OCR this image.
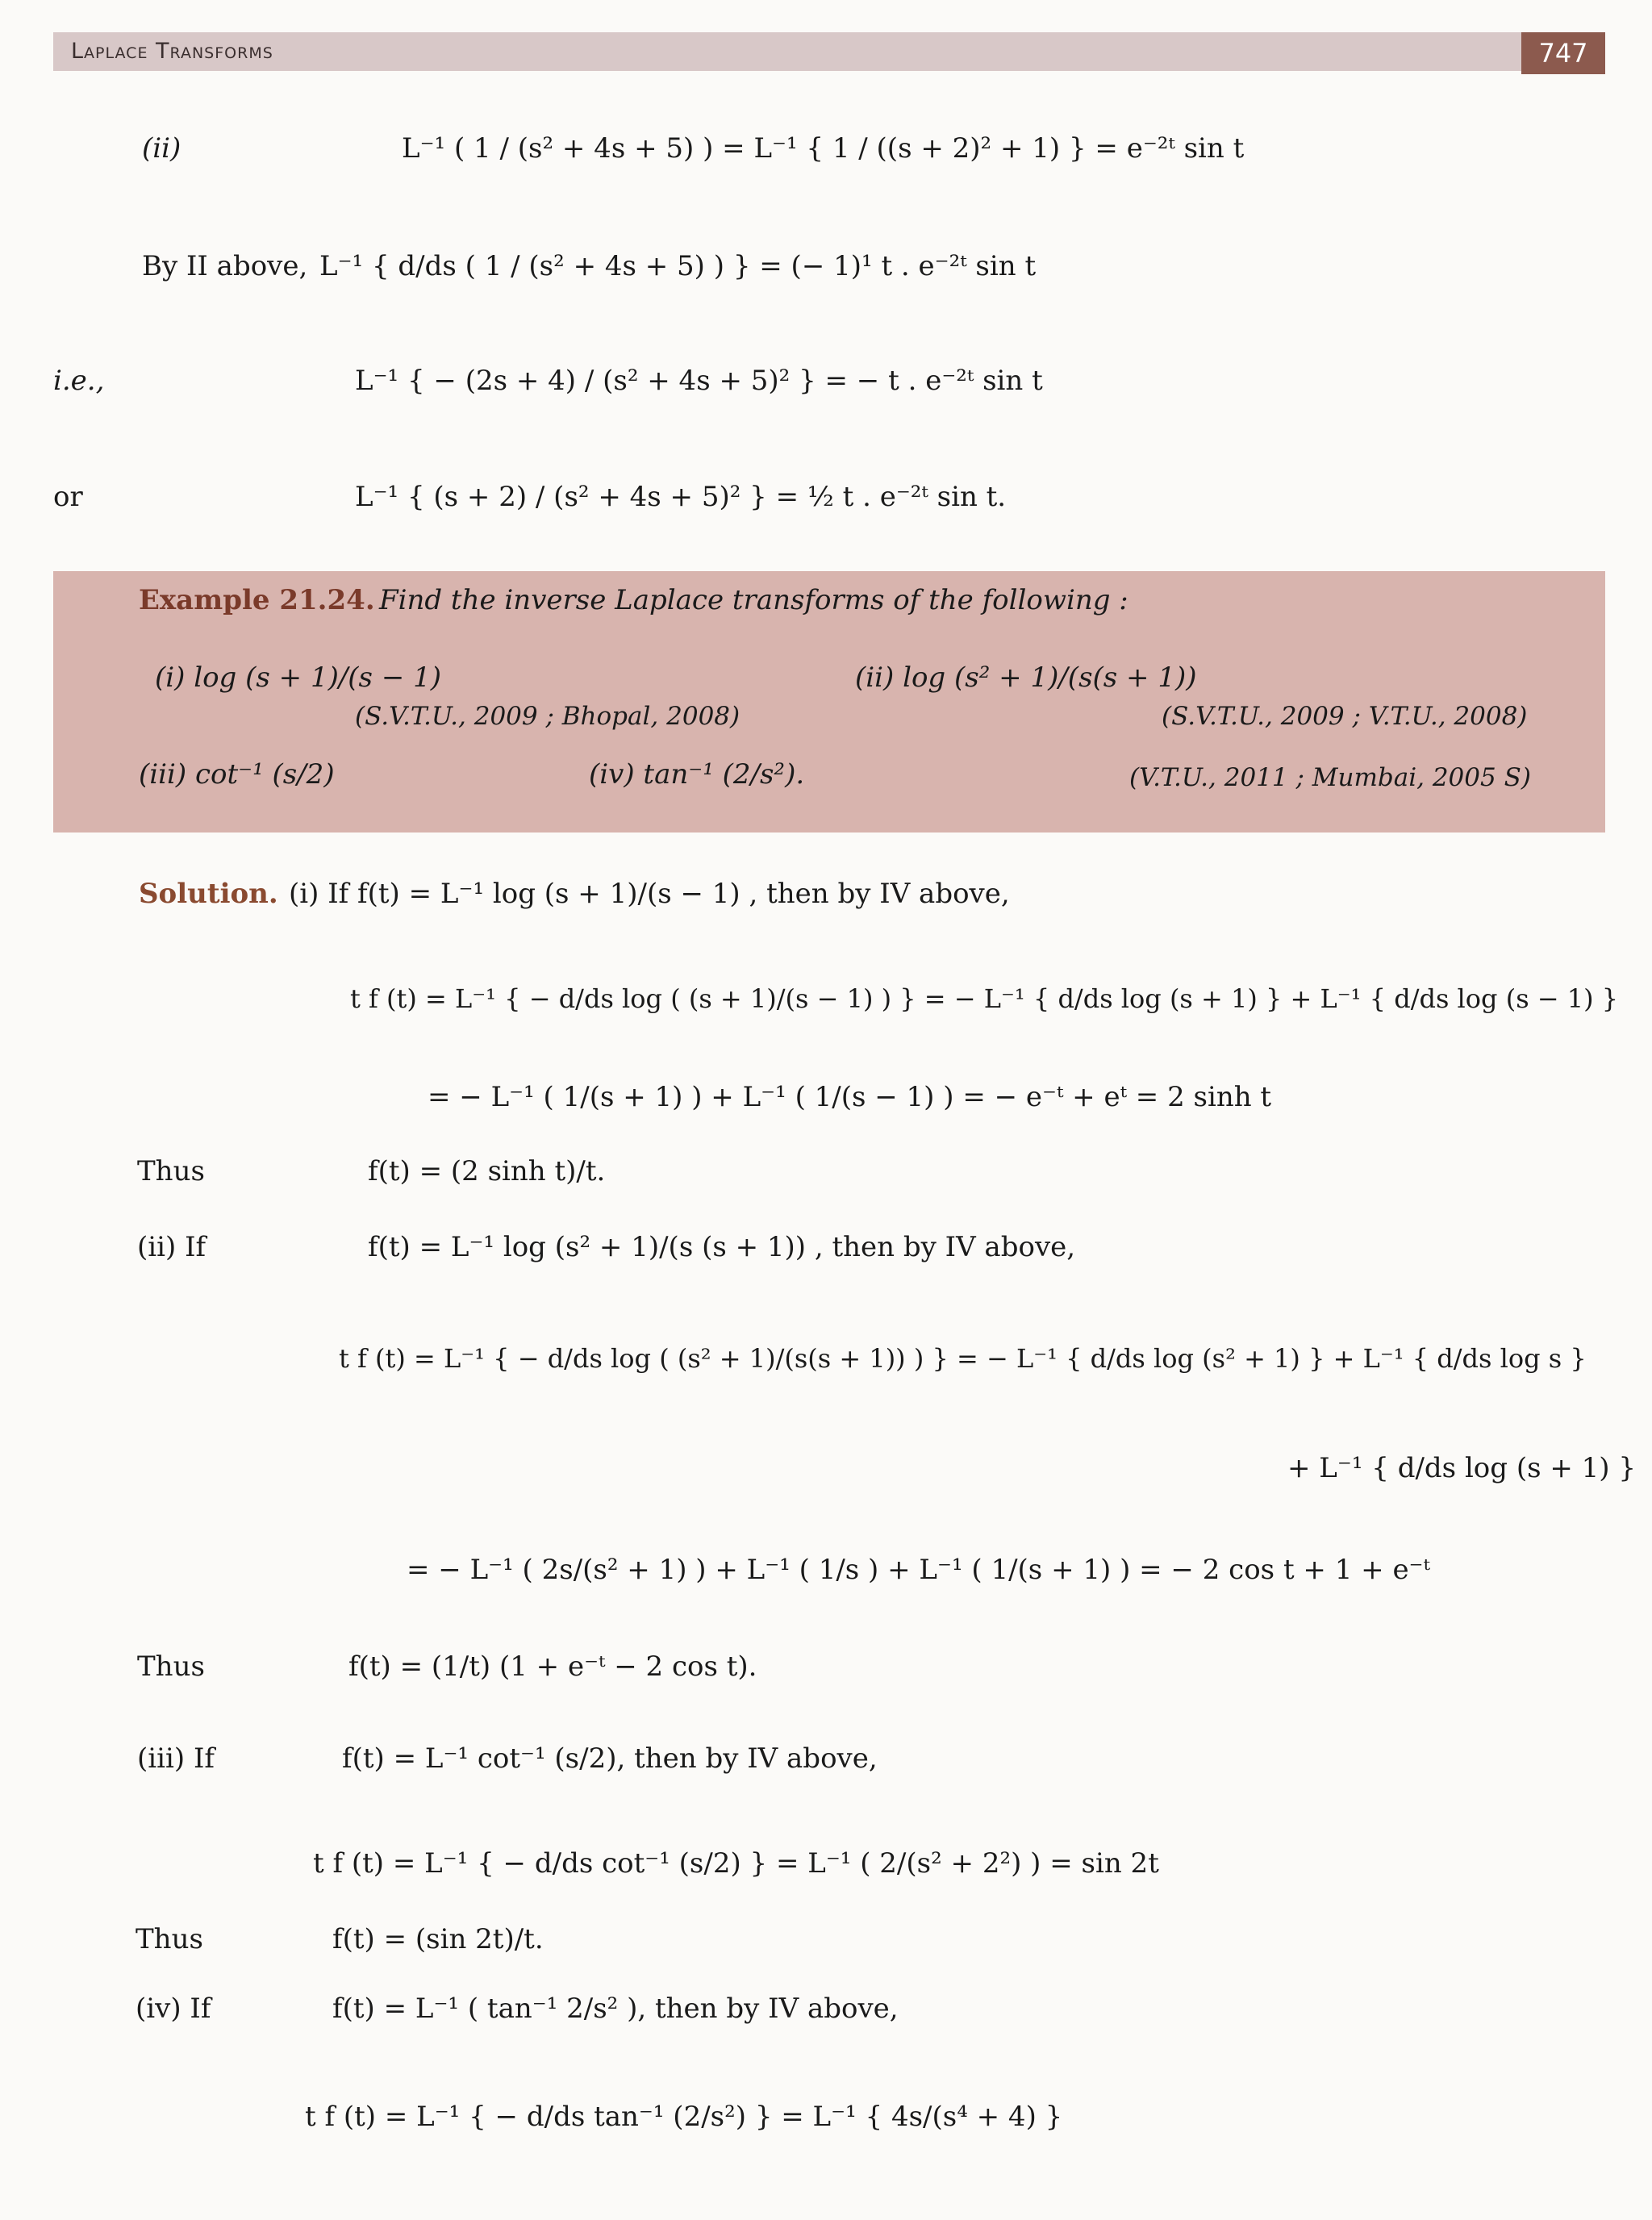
Laplace Transforms	747
(ii)	L⁻¹ ( 1 / (s² + 4s + 5) ) = L⁻¹ { 1 / ((s + 2)² + 1) } = e⁻²ᵗ sin t
By II above, L⁻¹ { d/ds ( 1 / (s² + 4s + 5) ) } = (− 1)¹ t . e⁻²ᵗ sin t
i.e.,	L⁻¹ { − (2s + 4) / (s² + 4s + 5)² } = − t . e⁻²ᵗ sin t
or	L⁻¹ { (s + 2) / (s² + 4s + 5)² } = ½ t . e⁻²ᵗ sin t.
Example 21.24. Find the inverse Laplace transforms of the following :
(i) log (s + 1)/(s − 1)
(S.V.T.U., 2009 ; Bhopal, 2008)
(ii) log (s² + 1)/(s(s + 1))
(S.V.T.U., 2009 ; V.T.U., 2008)
(iii) cot⁻¹ (s/2)	(iv) tan⁻¹ (2/s²).	(V.T.U., 2011 ; Mumbai, 2005 S)
Solution. (i) If f(t) = L⁻¹ log (s + 1)/(s − 1) , then by IV above,
t f (t) = L⁻¹ { − d/ds log ( (s + 1)/(s − 1) ) } = − L⁻¹ { d/ds log (s + 1) } + L⁻¹ { d/ds log (s − 1) }
= − L⁻¹ ( 1/(s + 1) ) + L⁻¹ ( 1/(s − 1) ) = − e⁻ᵗ + eᵗ = 2 sinh t
Thus	f(t) = (2 sinh t)/t.
(ii) If	f(t) = L⁻¹ log (s² + 1)/(s (s + 1)) , then by IV above,
t f (t) = L⁻¹ { − d/ds log ( (s² + 1)/(s(s + 1)) ) } = − L⁻¹ { d/ds log (s² + 1) } + L⁻¹ { d/ds log s }
+ L⁻¹ { d/ds log (s + 1) }
= − L⁻¹ ( 2s/(s² + 1) ) + L⁻¹ ( 1/s ) + L⁻¹ ( 1/(s + 1) ) = − 2 cos t + 1 + e⁻ᵗ
Thus	f(t) = (1/t) (1 + e⁻ᵗ − 2 cos t).
(iii) If	f(t) = L⁻¹ cot⁻¹ (s/2), then by IV above,
t f (t) = L⁻¹ { − d/ds cot⁻¹ (s/2) } = L⁻¹ ( 2/(s² + 2²) ) = sin 2t
Thus	f(t) = (sin 2t)/t.
(iv) If	f(t) = L⁻¹ ( tan⁻¹ 2/s² ), then by IV above,
t f (t) = L⁻¹ { − d/ds tan⁻¹ (2/s²) } = L⁻¹ { 4s/(s⁴ + 4) }
